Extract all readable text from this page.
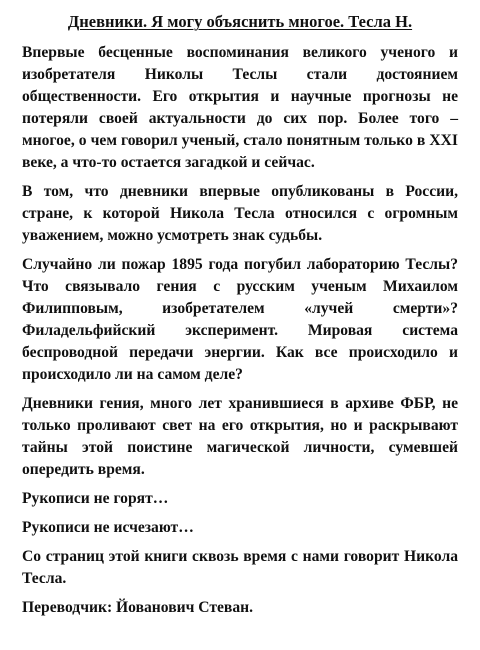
Дневники. Я могу объяснить многое. Тесла Н.

Впервые бесценные воспоминания великого ученого и изобретателя Николы Теслы стали достоянием общественности. Его открытия и научные прогнозы не потеряли своей актуальности до сих пор. Более того – многое, о чем говорил ученый, стало понятным только в XXI веке, а что-то остается загадкой и сейчас.

В том, что дневники впервые опубликованы в России, стране, к которой Никола Тесла относился с огромным уважением, можно усмотреть знак судьбы.

Случайно ли пожар 1895 года погубил лабораторию Теслы? Что связывало гения с русским ученым Михаилом Филипповым, изобретателем «лучей смерти»? Филадельфийский эксперимент. Мировая система беспроводной передачи энергии. Как все происходило и происходило ли на самом деле?

Дневники гения, много лет хранившиеся в архиве ФБР, не только проливают свет на его открытия, но и раскрывают тайны этой поистине магической личности, сумевшей опередить время.

Рукописи не горят…

Рукописи не исчезают…

Со страниц этой книги сквозь время с нами говорит Никола Тесла.

Переводчик: Йованович Стеван.
